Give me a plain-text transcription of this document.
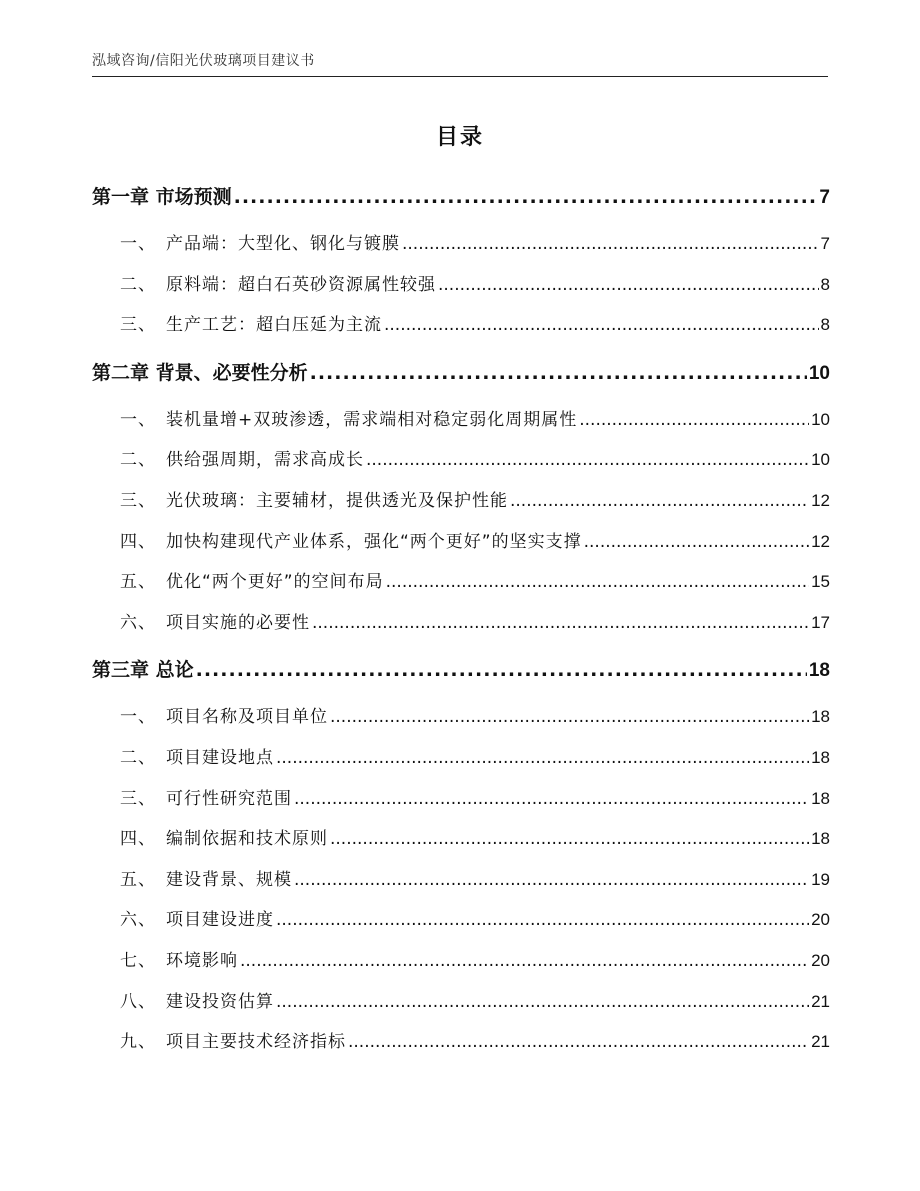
泓域咨询/信阳光伏玻璃项目建议书
目录
第一章 市场预测 .....	7
一、 产品端：大型化、钢化与镀膜 .....	7
二、 原料端：超白石英砂资源属性较强 .....	8
三、 生产工艺：超白压延为主流 .....	8
第二章 背景、必要性分析 .....	10
一、 装机量增+双玻渗透，需求端相对稳定弱化周期属性 .....	10
二、 供给强周期，需求高成长 .....	10
三、 光伏玻璃：主要辅材，提供透光及保护性能 .....	12
四、 加快构建现代产业体系，强化“两个更好”的坚实支撑 .....	12
五、 优化“两个更好”的空间布局 .....	15
六、 项目实施的必要性 .....	17
第三章 总论 .....	18
一、 项目名称及项目单位 .....	18
二、 项目建设地点 .....	18
三、 可行性研究范围 .....	18
四、 编制依据和技术原则 .....	18
五、 建设背景、规模 .....	19
六、 项目建设进度 .....	20
七、 环境影响 .....	20
八、 建设投资估算 .....	21
九、 项目主要技术经济指标 .....	21
